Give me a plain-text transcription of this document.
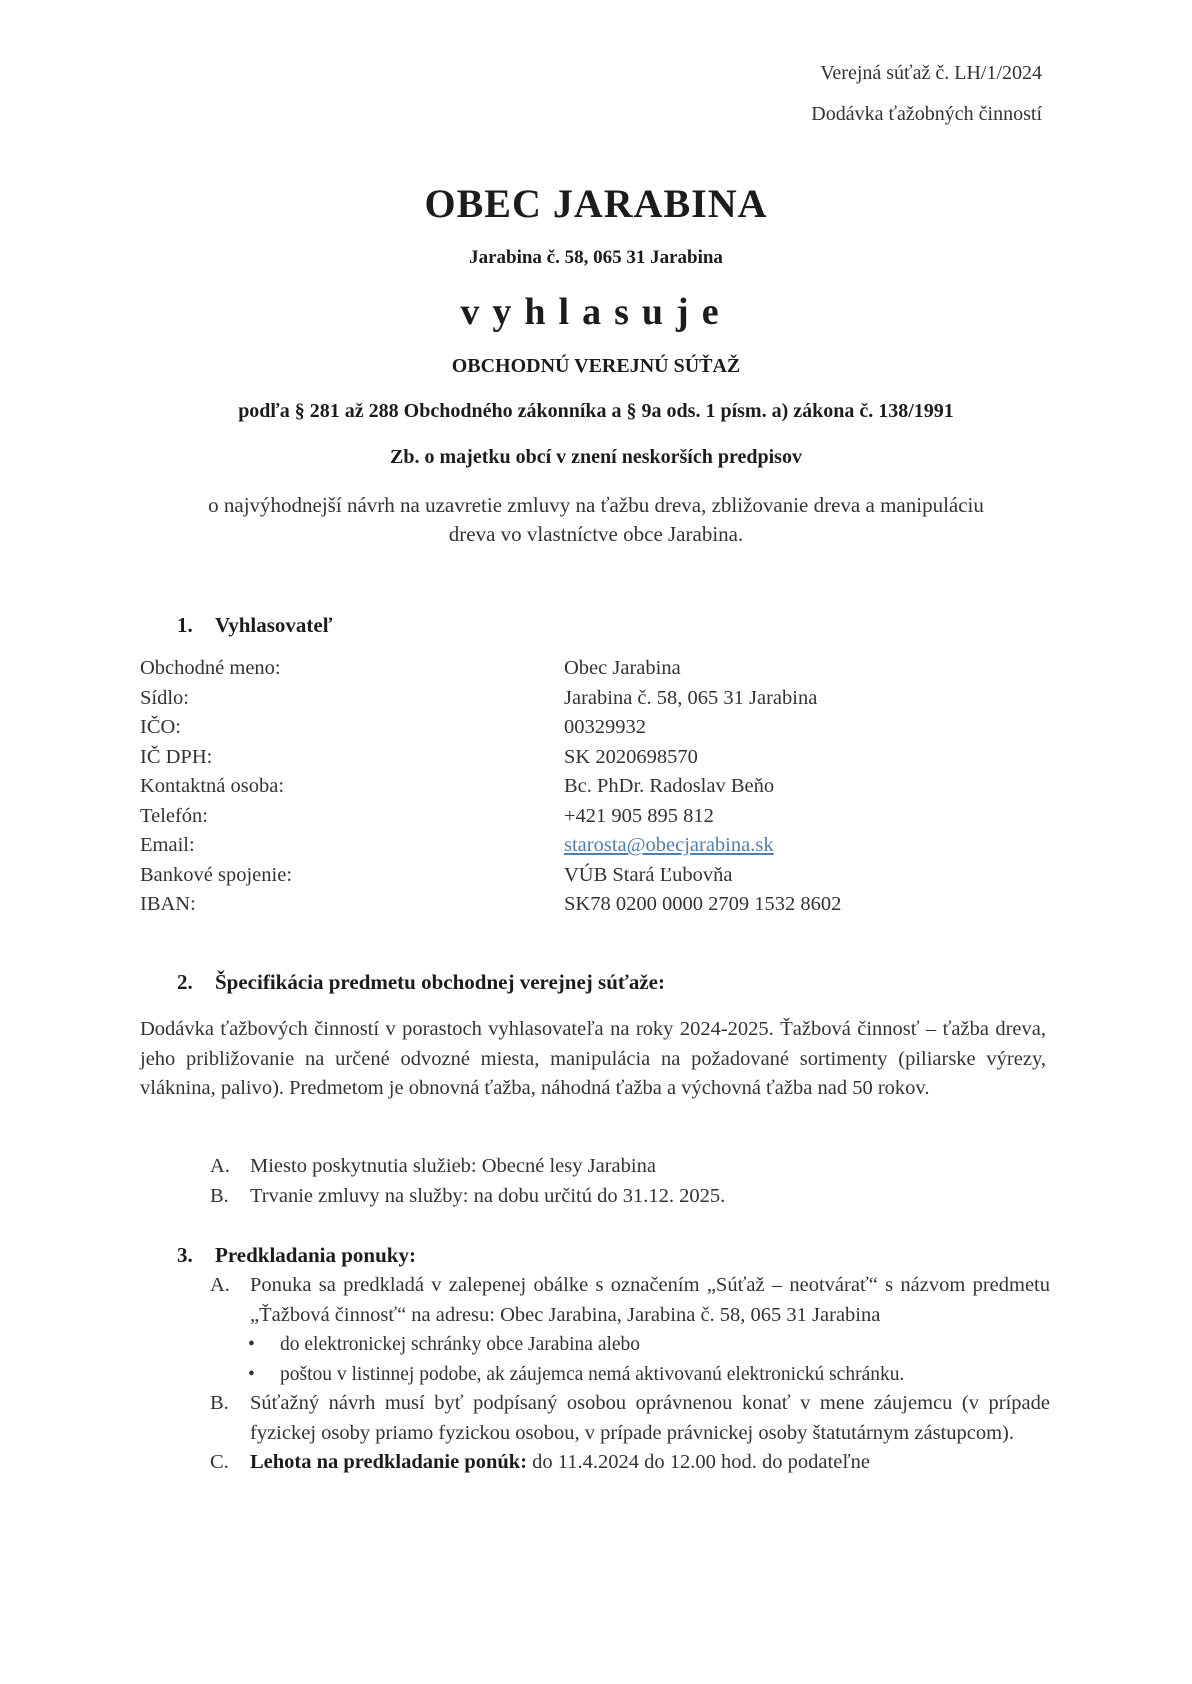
Verejná súťaž č. LH/1/2024
Dodávka ťažobných činností
OBEC JARABINA
Jarabina č. 58, 065 31 Jarabina
vyhlasuje
OBCHODNÚ VEREJNÚ SÚŤAŽ
podľa § 281 až 288 Obchodného zákonníka a § 9a ods. 1 písm. a) zákona č. 138/1991
Zb. o majetku obcí v znení neskorších predpisov
o najvýhodnejší návrh na uzavretie zmluvy na ťažbu dreva, zbližovanie dreva a manipuláciu
dreva vo vlastníctve obce Jarabina.
1. Vyhlasovateľ
Obchodné meno:	Obec Jarabina
Sídlo:	Jarabina č. 58, 065 31 Jarabina
IČO:	00329932
IČ DPH:	SK 2020698570
Kontaktná osoba:	Bc. PhDr. Radoslav Beňo
Telefón:	+421 905 895 812
Email:	starosta@obecjarabina.sk
Bankové spojenie:	VÚB Stará Ľubovňa
IBAN:	SK78 0200 0000 2709 1532 8602
2. Špecifikácia predmetu obchodnej verejnej súťaže:
Dodávka ťažbových činností v porastoch vyhlasovateľa na roky 2024-2025. Ťažbová činnosť – ťažba dreva, jeho približovanie na určené odvozné miesta, manipulácia na požadované sortimenty (piliarske výrezy, vláknina, palivo). Predmetom je obnovná ťažba, náhodná ťažba a výchovná ťažba nad 50 rokov.
A. Miesto poskytnutia služieb: Obecné lesy Jarabina
B. Trvanie zmluvy na služby: na dobu určitú do 31.12. 2025.
3. Predkladania ponuky:
A. Ponuka sa predkladá v zalepenej obálke s označením „Súťaž – neotvárať“ s názvom predmetu „Ťažbová činnosť“ na adresu: Obec Jarabina, Jarabina č. 58, 065 31 Jarabina
• do elektronickej schránky obce Jarabina alebo
• poštou v listinnej podobe, ak záujemca nemá aktivovanú elektronickú schránku.
B. Súťažný návrh musí byť podpísaný osobou oprávnenou konať v mene záujemcu (v prípade fyzickej osoby priamo fyzickou osobou, v prípade právnickej osoby štatutárnym zástupcom).
C. Lehota na predkladanie ponúk: do 11.4.2024 do 12.00 hod. do podateľne
